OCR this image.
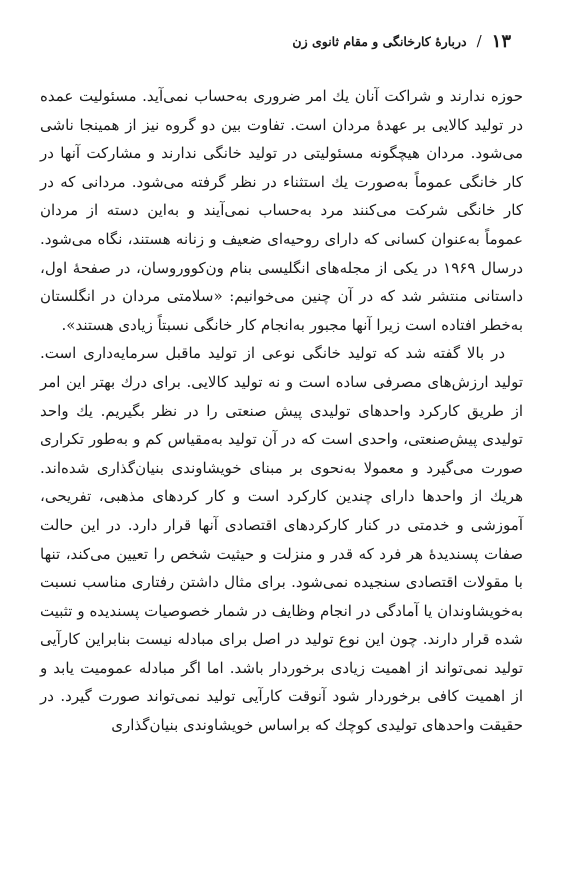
۱۳
/
دربارهٔ کارخانگی و مقام ثانوی زن

حوزه ندارند و شراکت آنان یك امر ضروری به‌حساب نمی‌آید. مسئولیت عمده در تولید کالایی بر عهدهٔ مردان است. تفاوت بین دو گروه نیز از همینجا ناشی می‌شود. مردان هیچگونه مسئولیتی در تولید خانگی ندارند و مشارکت آنها در کار خانگی عموماً به‌صورت یك استثناء در نظر گرفته می‌شود. مردانی که در کار خانگی شرکت می‌کنند مرد به‌حساب نمی‌آیند و به‌این دسته از مردان عموماً به‌عنوان کسانی که دارای روحیه‌ای ضعیف و زنانه هستند، نگاه می‌شود. درسال ۱۹۶۹ در یکی از مجله‌های انگلیسی بنام ون‌کووروسان، در صفحهٔ اول، داستانی منتشر شد که در آن چنین می‌خوانیم: «سلامتی مردان در انگلستان به‌خطر افتاده است زیرا آنها مجبور به‌انجام کار خانگی نسبتاً زیادی هستند».

در بالا گفته شد که تولید خانگی نوعی از تولید ماقبل سرمایه‌داری است. تولید ارزش‌های مصرفی ساده است و نه تولید کالایی. برای درك بهتر این امر از طریق کارکرد واحدهای تولیدی پیش صنعتی را در نظر بگیریم. یك واحد تولیدی پیش‌صنعتی، واحدی است که در آن تولید به‌مقیاس کم و به‌طور تکراری صورت می‌گیرد و معمولا به‌نحوی بر مبنای خویشاوندی بنیان‌گذاری شده‌اند. هریك از واحدها دارای چندین کارکرد است و کار کردهای مذهبی، تفریحی، آموزشی و خدمتی در کنار کارکردهای اقتصادی آنها قرار دارد. در این حالت صفات پسندیدهٔ هر فرد که قدر و منزلت و حیثیت شخص را تعیین می‌کند، تنها با مقولات اقتصادی سنجیده نمی‌شود. برای مثال داشتن رفتاری مناسب نسبت به‌خویشاوندان یا آمادگی در انجام وظایف در شمار خصوصیات پسندیده و تثبیت شده قرار دارند. چون این نوع تولید در اصل برای مبادله نیست بنابراین کارآیی تولید نمی‌تواند از اهمیت زیادی برخوردار باشد. اما اگر مبادله عمومیت یابد و از اهمیت کافی برخوردار شود آنوقت کارآیی تولید نمی‌تواند صورت گیرد. در حقیقت واحدهای تولیدی کوچك که براساس خویشاوندی بنیان‌گذاری
